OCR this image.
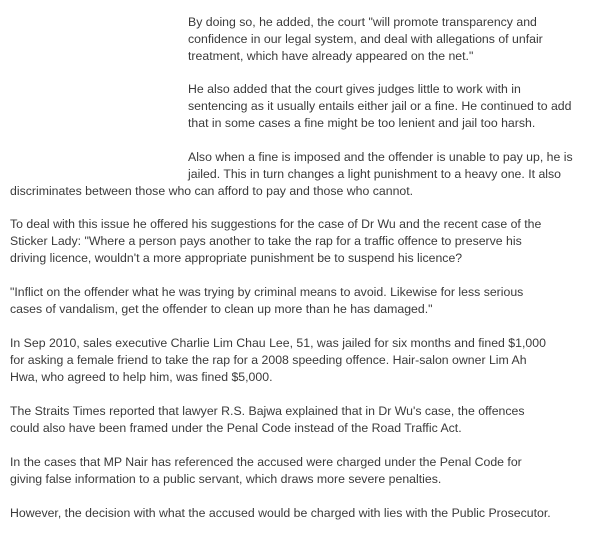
By doing so, he added, the court "will promote transparency and
confidence in our legal system, and deal with allegations of unfair
treatment, which have already appeared on the net."
He also added that the court gives judges little to work with in
sentencing as it usually entails either jail or a fine. He continued to add
that in some cases a fine might be too lenient and jail too harsh.
Also when a fine is imposed and the offender is unable to pay up, he is
jailed. This in turn changes a light punishment to a heavy one. It also
discriminates between those who can afford to pay and those who cannot.
To deal with this issue he offered his suggestions for the case of Dr Wu and the recent case of the
Sticker Lady: "Where a person pays another to take the rap for a traffic offence to preserve his
driving licence, wouldn't a more appropriate punishment be to suspend his licence?
"Inflict on the offender what he was trying by criminal means to avoid. Likewise for less serious
cases of vandalism, get the offender to clean up more than he has damaged."
In Sep 2010, sales executive Charlie Lim Chau Lee, 51, was jailed for six months and fined $1,000
for asking a female friend to take the rap for a 2008 speeding offence. Hair-salon owner Lim Ah
Hwa, who agreed to help him, was fined $5,000.
The Straits Times reported that lawyer R.S. Bajwa explained that in Dr Wu's case, the offences
could also have been framed under the Penal Code instead of the Road Traffic Act.
In the cases that MP Nair has referenced the accused were charged under the Penal Code for
giving false information to a public servant, which draws more severe penalties.
However, the decision with what the accused would be charged with lies with the Public Prosecutor.
